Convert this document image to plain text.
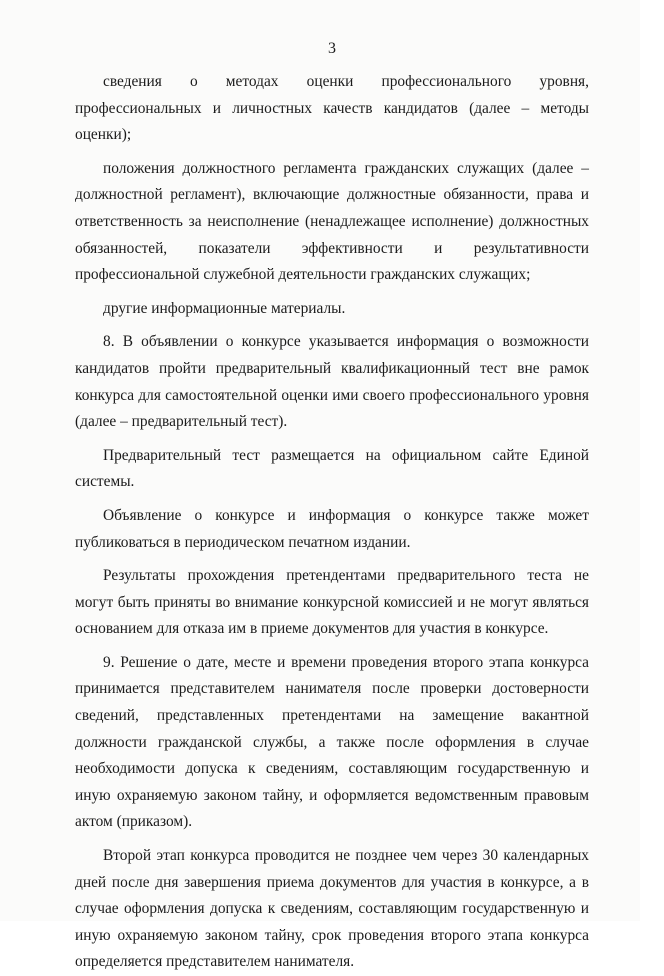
3

сведения о методах оценки профессионального уровня, профессиональных и личностных качеств кандидатов (далее – методы оценки);

положения должностного регламента гражданских служащих (далее – должностной регламент), включающие должностные обязанности, права и ответственность за неисполнение (ненадлежащее исполнение) должностных обязанностей, показатели эффективности и результативности профессиональной служебной деятельности гражданских служащих;

другие информационные материалы.

8. В объявлении о конкурсе указывается информация о возможности кандидатов пройти предварительный квалификационный тест вне рамок конкурса для самостоятельной оценки ими своего профессионального уровня (далее – предварительный тест).

Предварительный тест размещается на официальном сайте Единой системы.

Объявление о конкурсе и информация о конкурсе также может публиковаться в периодическом печатном издании.

Результаты прохождения претендентами предварительного теста не могут быть приняты во внимание конкурсной комиссией и не могут являться основанием для отказа им в приеме документов для участия в конкурсе.

9. Решение о дате, месте и времени проведения второго этапа конкурса принимается представителем нанимателя после проверки достоверности сведений, представленных претендентами на замещение вакантной должности гражданской службы, а также после оформления в случае необходимости допуска к сведениям, составляющим государственную и иную охраняемую законом тайну, и оформляется ведомственным правовым актом (приказом).

Второй этап конкурса проводится не позднее чем через 30 календарных дней после дня завершения приема документов для участия в конкурсе, а в случае оформления допуска к сведениям, составляющим государственную и иную охраняемую законом тайну, срок проведения второго этапа конкурса определяется представителем нанимателя.
